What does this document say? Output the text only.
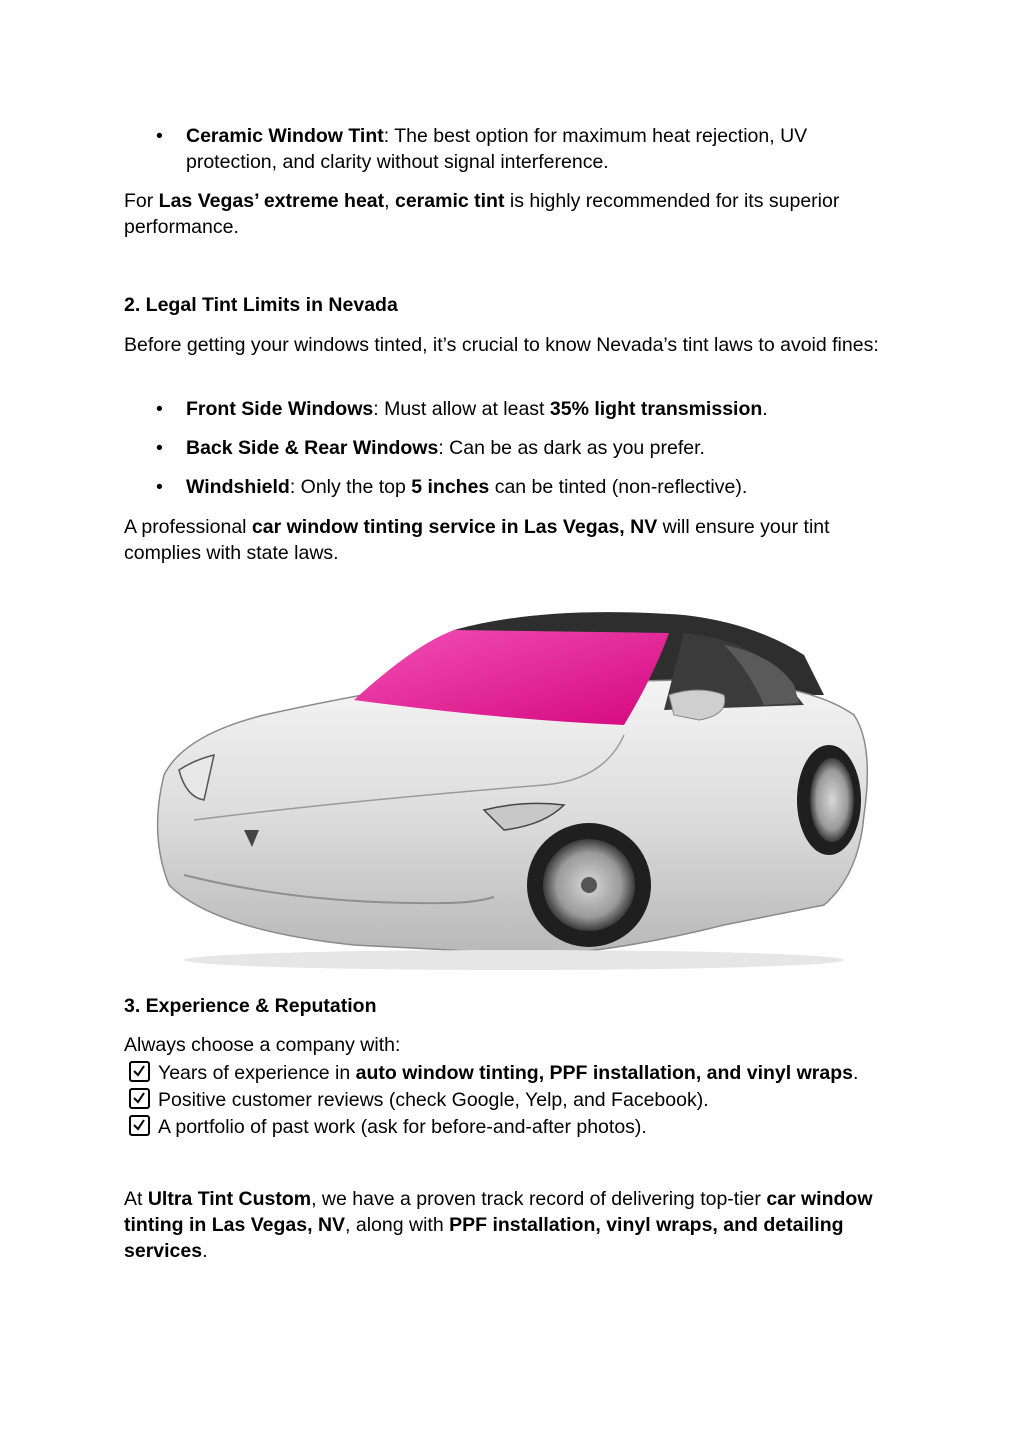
• Ceramic Window Tint: The best option for maximum heat rejection, UV protection, and clarity without signal interference.

For Las Vegas’ extreme heat, ceramic tint is highly recommended for its superior performance.

2. Legal Tint Limits in Nevada

Before getting your windows tinted, it’s crucial to know Nevada’s tint laws to avoid fines:

• Front Side Windows: Must allow at least 35% light transmission.
• Back Side & Rear Windows: Can be as dark as you prefer.
• Windshield: Only the top 5 inches can be tinted (non-reflective).

A professional car window tinting service in Las Vegas, NV will ensure your tint complies with state laws.

3. Experience & Reputation

Always choose a company with:

Years of experience in auto window tinting, PPF installation, and vinyl wraps.
Positive customer reviews (check Google, Yelp, and Facebook).
A portfolio of past work (ask for before-and-after photos).

At Ultra Tint Custom, we have a proven track record of delivering top-tier car window tinting in Las Vegas, NV, along with PPF installation, vinyl wraps, and detailing services.
